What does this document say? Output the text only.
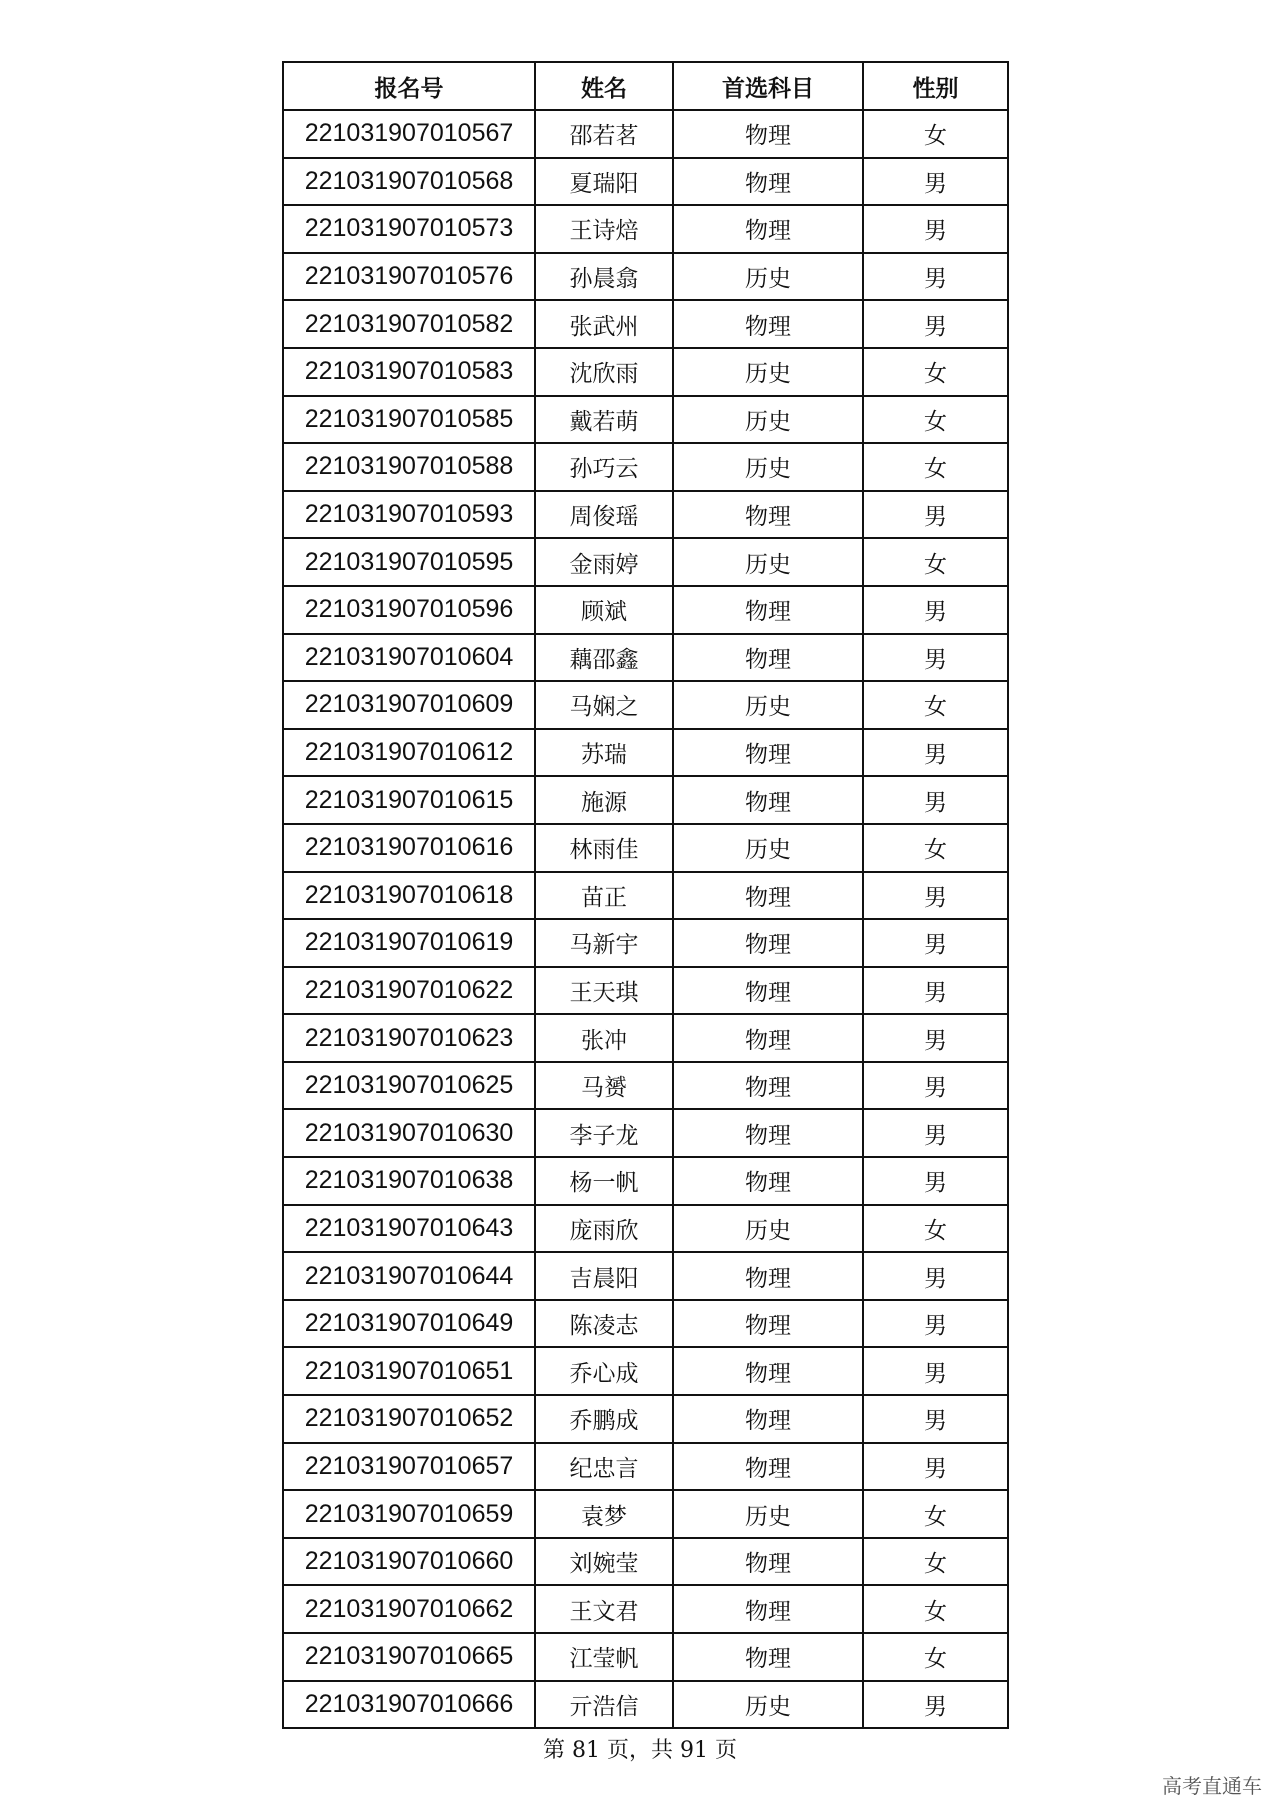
报名号	姓名	首选科目	性别
221031907010567	邵若茗	物理	女
221031907010568	夏瑞阳	物理	男
221031907010573	王诗焙	物理	男
221031907010576	孙晨翕	历史	男
221031907010582	张武州	物理	男
221031907010583	沈欣雨	历史	女
221031907010585	戴若萌	历史	女
221031907010588	孙巧云	历史	女
221031907010593	周俊瑶	物理	男
221031907010595	金雨婷	历史	女
221031907010596	顾斌	物理	男
221031907010604	藕邵鑫	物理	男
221031907010609	马娴之	历史	女
221031907010612	苏瑞	物理	男
221031907010615	施源	物理	男
221031907010616	林雨佳	历史	女
221031907010618	苗正	物理	男
221031907010619	马新宇	物理	男
221031907010622	王天琪	物理	男
221031907010623	张冲	物理	男
221031907010625	马赟	物理	男
221031907010630	李子龙	物理	男
221031907010638	杨一帆	物理	男
221031907010643	庞雨欣	历史	女
221031907010644	吉晨阳	物理	男
221031907010649	陈凌志	物理	男
221031907010651	乔心成	物理	男
221031907010652	乔鹏成	物理	男
221031907010657	纪忠言	物理	男
221031907010659	袁梦	历史	女
221031907010660	刘婉莹	物理	女
221031907010662	王文君	物理	女
221031907010665	江莹帆	物理	女
221031907010666	亓浩信	历史	男
第 81 页，共 91 页
高考直通车
